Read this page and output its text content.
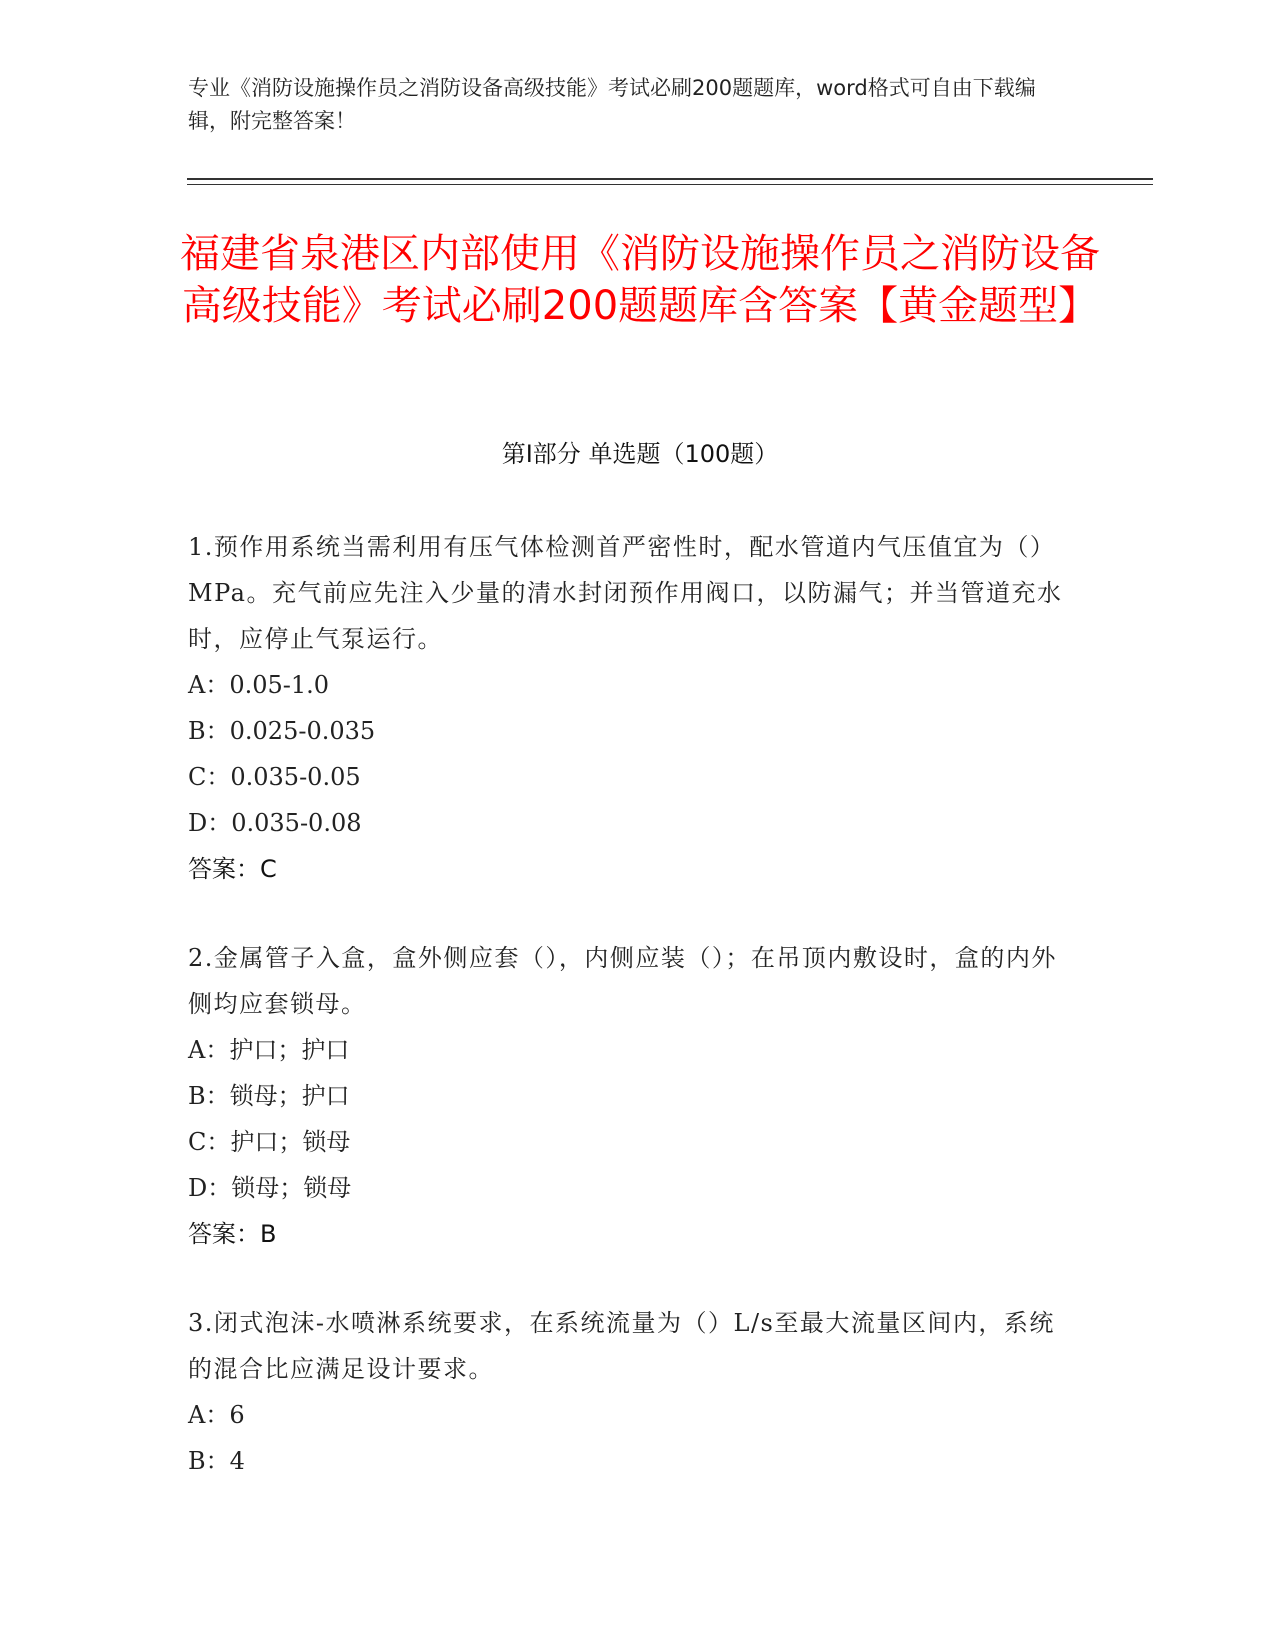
专业《消防设施操作员之消防设备高级技能》考试必刷200题题库，word格式可自由下载编辑，附完整答案！
福建省泉港区内部使用《消防设施操作员之消防设备高级技能》考试必刷200题题库含答案【黄金题型】
第Ⅰ部分 单选题（100题）
1.预作用系统当需利用有压气体检测首严密性时，配水管道内气压值宜为（）MPa。充气前应先注入少量的清水封闭预作用阀口，以防漏气；并当管道充水时，应停止气泵运行。
A：0.05-1.0
B：0.025-0.035
C：0.035-0.05
D：0.035-0.08
答案：C
2.金属管子入盒，盒外侧应套（），内侧应装（）；在吊顶内敷设时，盒的内外侧均应套锁母。
A：护口；护口
B：锁母；护口
C：护口；锁母
D：锁母；锁母
答案：B
3.闭式泡沫-水喷淋系统要求，在系统流量为（）L/s至最大流量区间内，系统的混合比应满足设计要求。
A：6
B：4
